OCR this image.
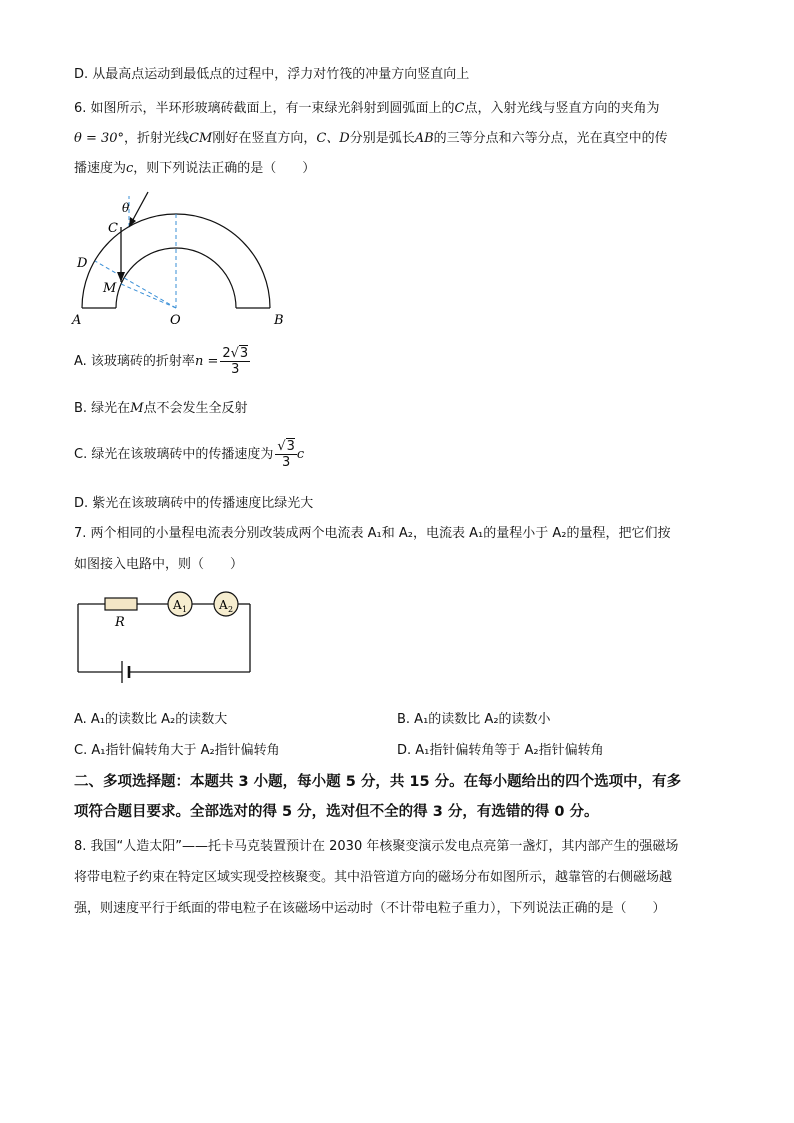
D. 从最高点运动到最低点的过程中，浮力对竹筏的冲量方向竖直向上
6. 如图所示，半环形玻璃砖截面上，有一束绿光斜射到圆弧面上的C点，入射光线与竖直方向的夹角为
θ = 30°，折射光线CM刚好在竖直方向，C、D分别是弧长AB的三等分点和六等分点，光在真空中的传
播速度为c，则下列说法正确的是（　　）
θ
C
D
M
A	O	B
A. 该玻璃砖的折射率$n = \frac{2√3}{3}$
B. 绿光在M点不会发生全反射
C. 绿光在该玻璃砖中的传播速度为 $\frac{√3}{3}$ c
D. 紫光在该玻璃砖中的传播速度比绿光大
7. 两个相同的小量程电流表分别改装成两个电流表 A₁和 A₂，电流表 A₁的量程小于 A₂的量程，把它们按
如图接入电路中，则（　　）
R
A 1	A 2
A. A₁的读数比 A₂的读数大	B. A₁的读数比 A₂的读数小
C. A₁指针偏转角大于 A₂指针偏转角	D. A₁指针偏转角等于 A₂指针偏转角
二、多项选择题：本题共 3 小题，每小题 5 分，共 15 分。在每小题给出的四个选项中，有多
项符合题目要求。全部选对的得 5 分，选对但不全的得 3 分，有选错的得 0 分。
8. 我国“人造太阳”——托卡马克装置预计在 2030 年核聚变演示发电点亮第一盏灯，其内部产生的强磁场
将带电粒子约束在特定区域实现受控核聚变。其中沿管道方向的磁场分布如图所示，越靠管的右侧磁场越
强，则速度平行于纸面的带电粒子在该磁场中运动时（不计带电粒子重力），下列说法正确的是（　　）
